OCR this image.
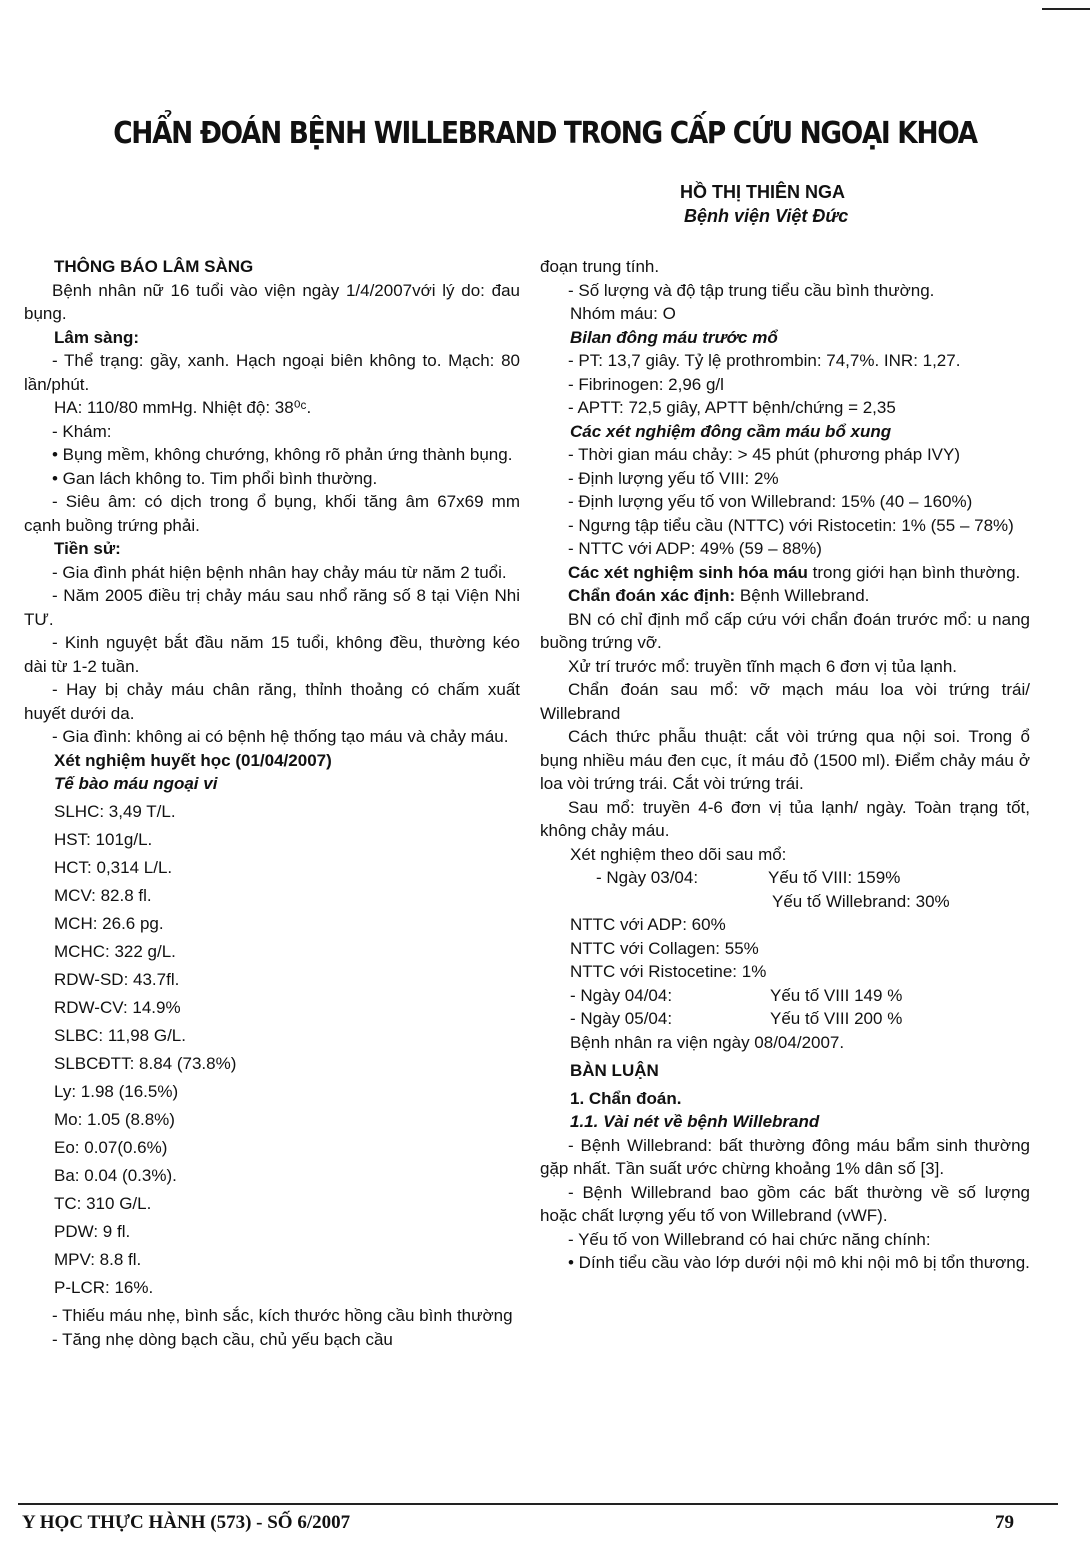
CHẨN ĐOÁN BỆNH WILLEBRAND TRONG CẤP CỨU NGOẠI KHOA
HỒ THỊ THIÊN NGA
Bệnh viện Việt Đức

THÔNG BÁO LÂM SÀNG

Bệnh nhân nữ 16 tuổi vào viện ngày 1/4/2007với lý do: đau bụng.

Lâm sàng:

- Thể trạng: gầy, xanh. Hạch ngoại biên không to. Mạch: 80 lần/phút.

HA: 110/80 mmHg. Nhiệt độ: 38⁰ᶜ.

- Khám:

• Bụng mềm, không chướng, không rõ phản ứng thành bụng.

• Gan lách không to. Tim phổi bình thường.

- Siêu âm: có dịch trong ổ bụng, khối tăng âm 67x69 mm cạnh buồng trứng phải.

Tiền sử:

- Gia đình phát hiện bệnh nhân hay chảy máu từ năm 2 tuổi.

- Năm 2005 điều trị chảy máu sau nhổ răng số 8 tại Viện Nhi TƯ.

- Kinh nguyệt bắt đầu năm 15 tuổi, không đều, thường kéo dài từ 1-2 tuần.

- Hay bị chảy máu chân răng, thỉnh thoảng có chấm xuất huyết dưới da.

- Gia đình: không ai có bệnh hệ thống tạo máu và chảy máu.

Xét nghiệm huyết học (01/04/2007)

Tế bào máu ngoại vi

SLHC: 3,49 T/L.

HST: 101g/L.

HCT: 0,314 L/L.

MCV: 82.8 fl.

MCH: 26.6 pg.

MCHC: 322 g/L.

RDW-SD: 43.7fl.

RDW-CV: 14.9%

SLBC: 11,98 G/L.

SLBCĐTT: 8.84 (73.8%)

Ly: 1.98 (16.5%)

Mo: 1.05 (8.8%)

Eo: 0.07(0.6%)

Ba: 0.04 (0.3%).

TC: 310 G/L.

PDW: 9 fl.

MPV: 8.8 fl.

P-LCR: 16%.

- Thiếu máu nhẹ, bình sắc, kích thước hồng cầu bình thường

- Tăng nhẹ dòng bạch cầu, chủ yếu bạch cầu

đoạn trung tính.

- Số lượng và độ tập trung tiểu cầu bình thường.

Nhóm máu: O

Bilan đông máu trước mổ

- PT: 13,7 giây. Tỷ lệ prothrombin: 74,7%. INR: 1,27.

- Fibrinogen: 2,96 g/l

- APTT: 72,5 giây, APTT bệnh/chứng = 2,35

Các xét nghiệm đông cầm máu bổ xung

- Thời gian máu chảy: > 45 phút (phương pháp IVY)

- Định lượng yếu tố VIII: 2%

- Định lượng yếu tố von Willebrand: 15% (40 – 160%)

- Ngưng tập tiểu cầu (NTTC) với Ristocetin: 1% (55 – 78%)

- NTTC với ADP: 49% (59 – 88%)

Các xét nghiệm sinh hóa máu trong giới hạn bình thường.

Chẩn đoán xác định: Bệnh Willebrand.

BN có chỉ định mổ cấp cứu với chẩn đoán trước mổ: u nang buồng trứng vỡ.

Xử trí trước mổ: truyền tĩnh mạch 6 đơn vị tủa lạnh.

Chẩn đoán sau mổ: vỡ mạch máu loa vòi trứng trái/ Willebrand

Cách thức phẫu thuật: cắt vòi trứng qua nội soi. Trong ổ bụng nhiều máu đen cục, ít máu đỏ (1500 ml). Điểm chảy máu ở loa vòi trứng trái. Cắt vòi trứng trái.

Sau mổ: truyền 4-6 đơn vị tủa lạnh/ ngày. Toàn trạng tốt, không chảy máu.

Xét nghiệm theo dõi sau mổ:

- Ngày 03/04:	Yếu tố VIII: 159%

Yếu tố Willebrand: 30%

NTTC với ADP: 60%

NTTC với Collagen: 55%

NTTC với Ristocetine: 1%

- Ngày 04/04:	Yếu tố VIII 149 %

- Ngày 05/04:	Yếu tố VIII 200 %

Bệnh nhân ra viện ngày 08/04/2007.

BÀN LUẬN

1. Chẩn đoán.

1.1. Vài nét về bệnh Willebrand

- Bệnh Willebrand: bất thường đông máu bẩm sinh thường gặp nhất. Tần suất ước chừng khoảng 1% dân số [3].

- Bệnh Willebrand bao gồm các bất thường về số lượng hoặc chất lượng yếu tố von Willebrand (vWF).

- Yếu tố von Willebrand có hai chức năng chính:

• Dính tiểu cầu vào lớp dưới nội mô khi nội mô bị tổn thương.

Y HỌC THỰC HÀNH (573) - SỐ 6/2007	79
